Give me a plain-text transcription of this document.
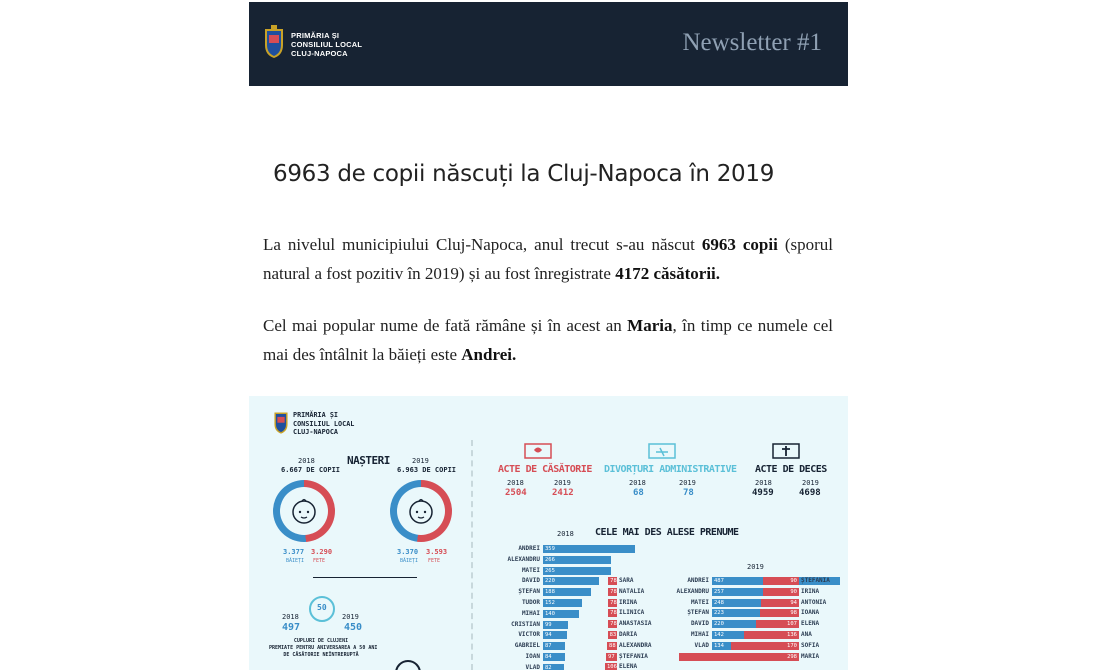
PRIMĂRIA ȘI
CONSILIUL LOCAL
CLUJ-NAPOCA	Newsletter #1
6963 de copii născuți la Cluj-Napoca în 2019

La nivelul municipiului Cluj-Napoca, anul trecut s-au născut 6963 copii (sporul natural a fost pozitiv în 2019) și au fost înregistrate 4172 căsătorii.

Cel mai popular nume de fată rămâne și în acest an Maria, în timp ce numele cel mai des întâlnit la băieți este Andrei.

PRIMĂRIA ȘI
CONSILIUL LOCAL
CLUJ-NAPOCA
NAȘTERI
2018
6.667 DE COPII
2019
6.963 DE COPII
3.377 3.290
BĂIEȚI FETE
3.370 3.593
BĂIEȚI FETE
50
2018
497
2019
450
CUPLURI DE CLUJENI
PREMIATE PENTRU ANIVERSAREA A 50 ANI
DE CĂSĂTORIE NEÎNTRERUPTĂ
ACTE DE CĂSĂTORIE
2018
2504
2019
2412
DIVORȚURI ADMINISTRATIVE
2018
68
2019
78
ACTE DE DECES
2018
4959
2019
4698
CELE MAI DES ALESE PRENUME
2018
2019
ANDREI 359
ALEXANDRU 266
MATEI 265
DAVID 220
ȘTEFAN 188
TUDOR 152
MIHAI 140
CRISTIAN 99
VICTOR 94
GABRIEL 87
IOAN 84
VLAD 82
78 SARA
78 NATALIA
78 IRINA
78 ILINICA
78 ANASTASIA
83 DARIA
88 ALEXANDRA
97 ȘTEFANIA
106 ELENA
ANDREI 487
ALEXANDRU 257
MATEI 248
ȘTEFAN 223
DAVID 220
MIHAI 142
VLAD 134
90 ȘTEFANIA
90 IRINA
94 ANTONIA
98 IOANA
107 ELENA
136 ANA
170 SOFIA
298 MARIA
